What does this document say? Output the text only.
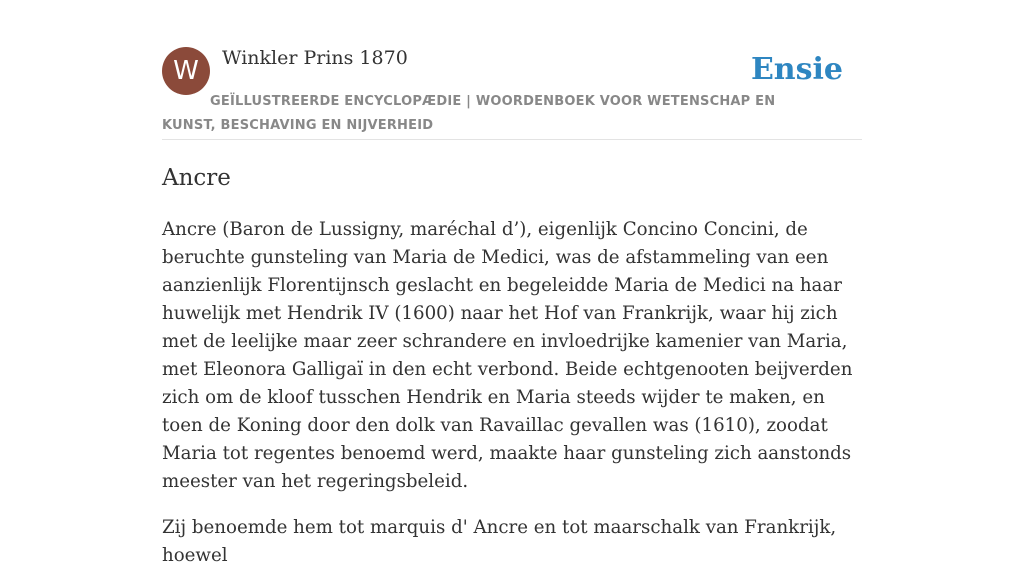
W	Winkler Prins 1870	Ensie
GEÏLLUSTREERDE ENCYCLOPÆDIE | WOORDENBOEK VOOR WETENSCHAP EN KUNST, BESCHAVING EN NIJVERHEID
Ancre

Ancre (Baron de Lussigny, maréchal d’), eigenlijk Concino Concini, de beruchte gunsteling van Maria de Medici, was de afstammeling van een aanzienlijk Florentijnsch geslacht en begeleidde Maria de Medici na haar huwelijk met Hendrik IV (1600) naar het Hof van Frankrijk, waar hij zich met de leelijke maar zeer schrandere en invloedrijke kamenier van Maria, met Eleonora Galligaï in den echt verbond. Beide echtgenooten beijverden zich om de kloof tusschen Hendrik en Maria steeds wijder te maken, en toen de Koning door den dolk van Ravaillac gevallen was (1610), zoodat Maria tot regentes benoemd werd, maakte haar gunsteling zich aanstonds meester van het regeringsbeleid.

Zij benoemde hem tot marquis d' Ancre en tot maarschalk van Frankrijk, hoewel
